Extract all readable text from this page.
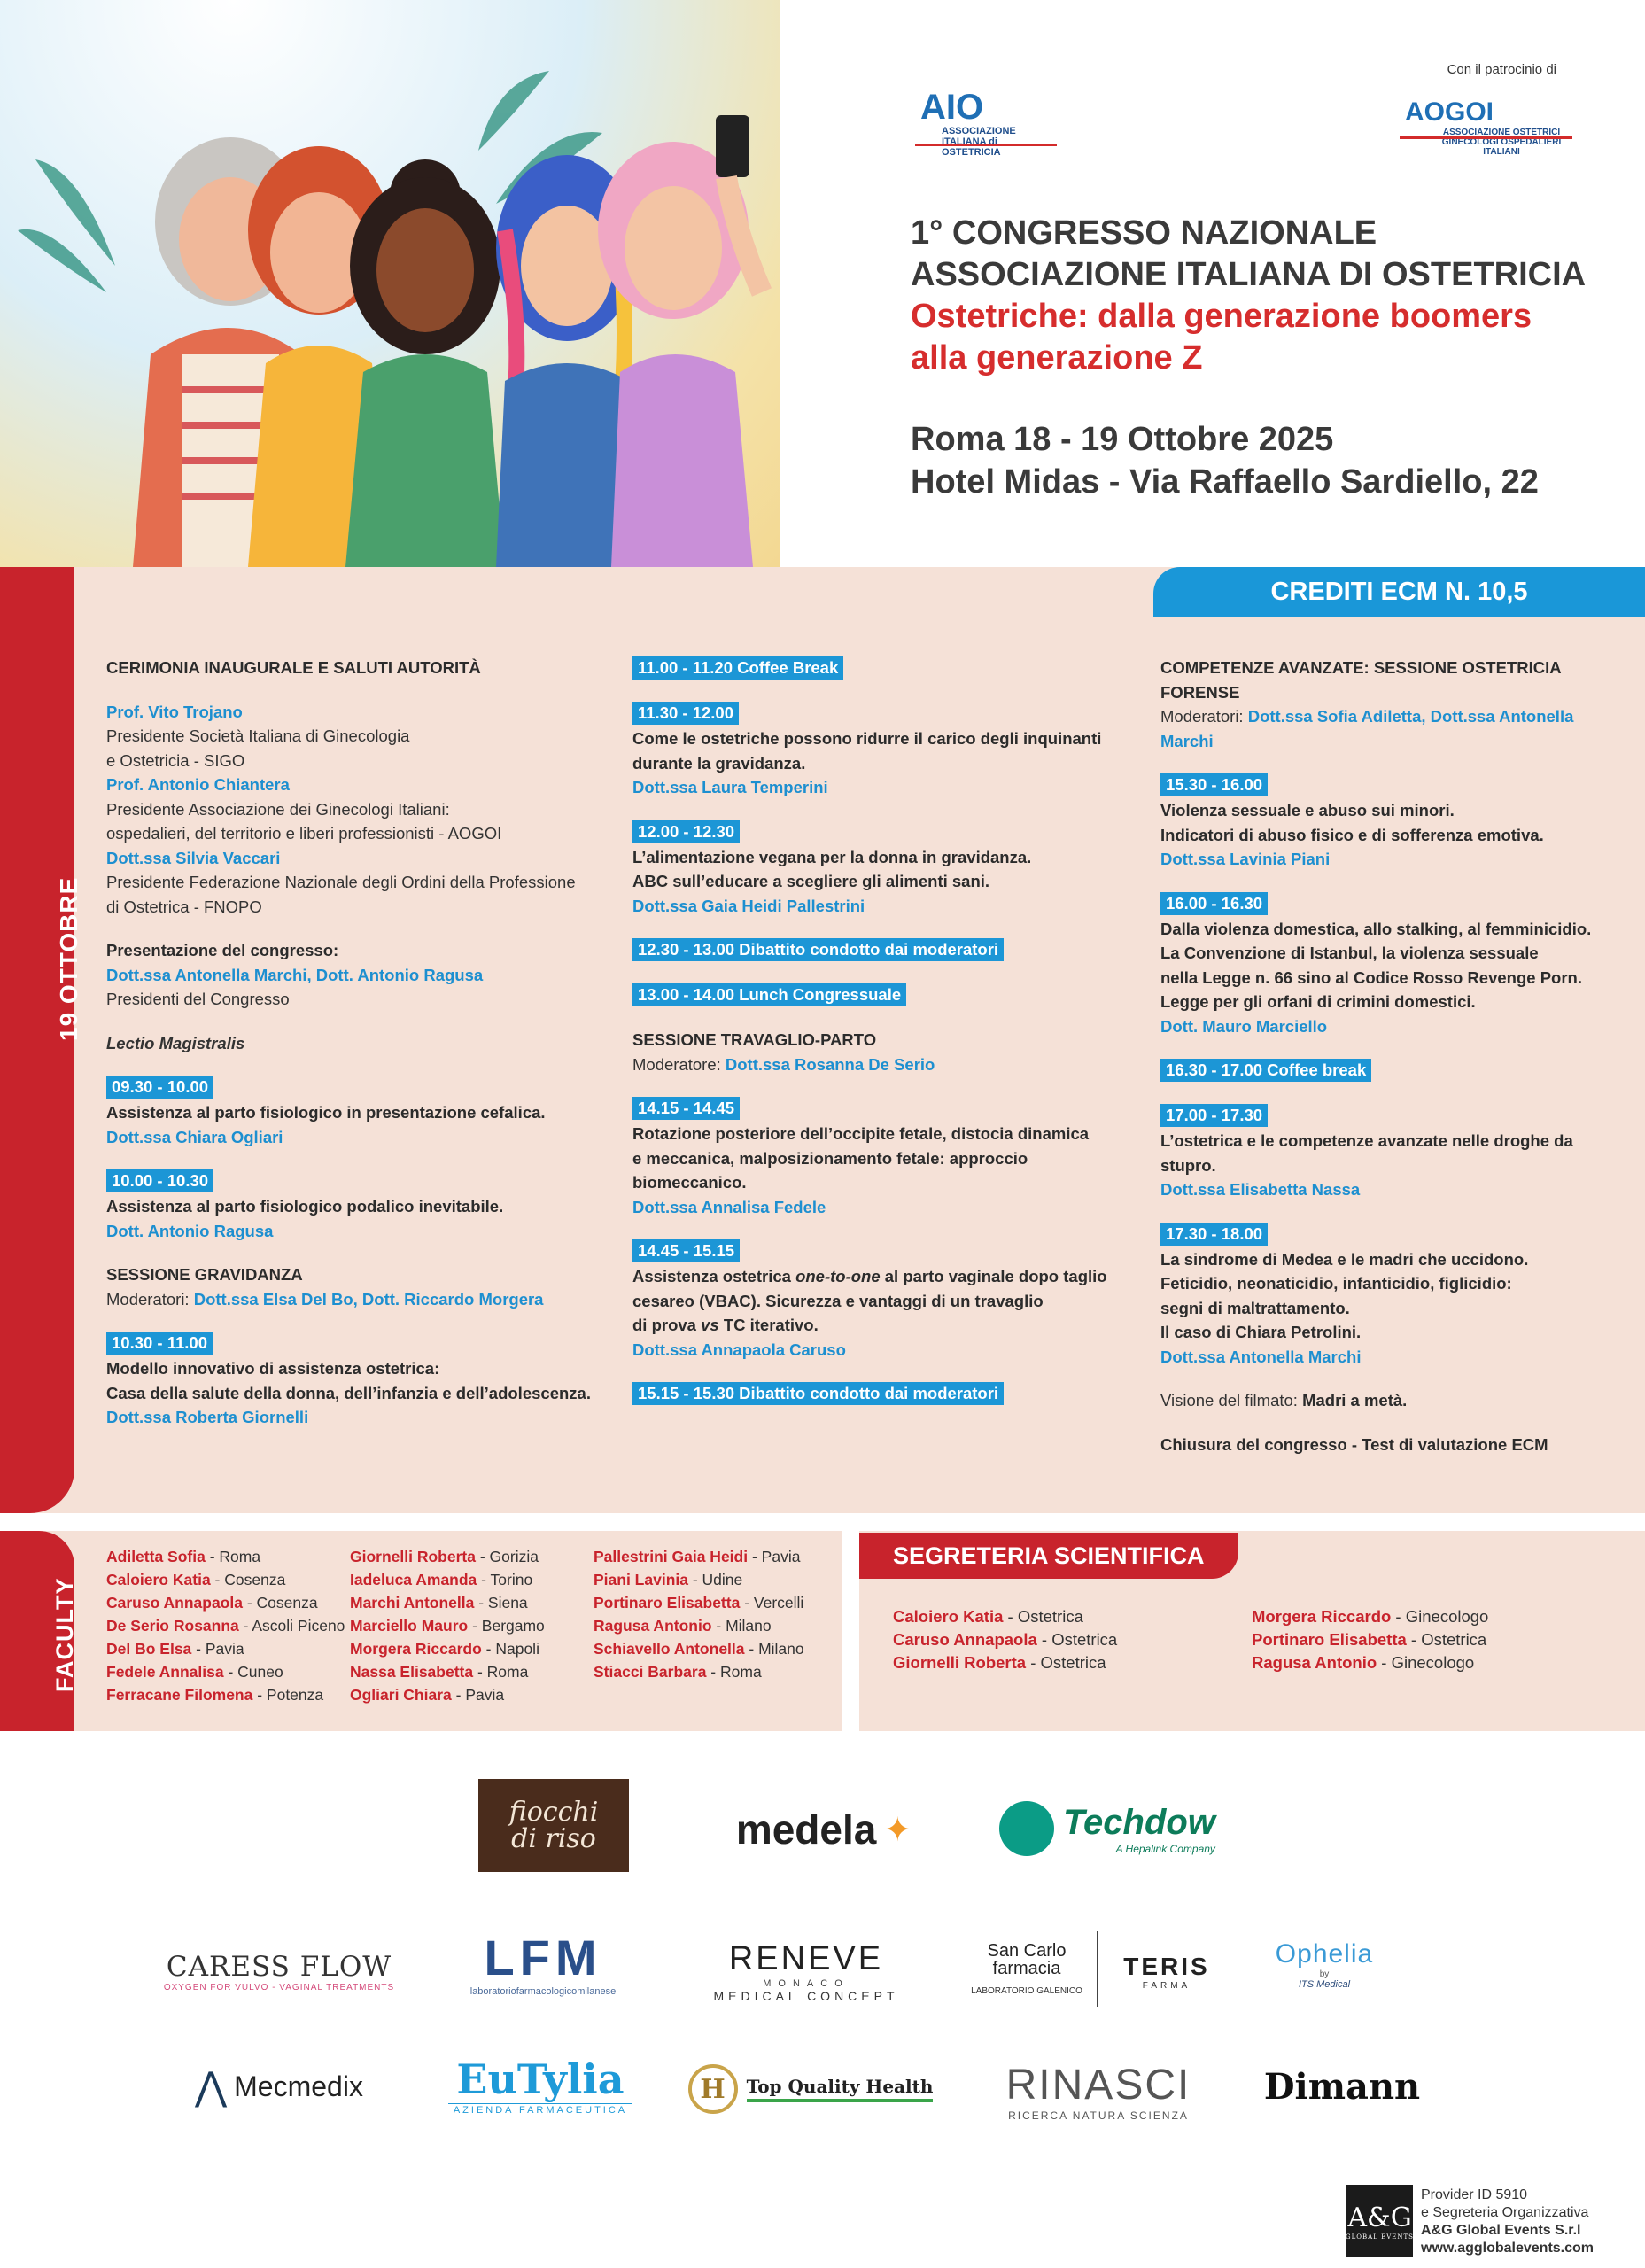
Con il patrocinio di
AIO
ASSOCIAZIONE ITALIANA di OSTETRICIA
AOGOI
ASSOCIAZIONE OSTETRICI GINECOLOGI OSPEDALIERI ITALIANI
1° CONGRESSO NAZIONALE
ASSOCIAZIONE ITALIANA DI OSTETRICIA
Ostetriche: dalla generazione boomers
alla generazione Z
Roma 18 - 19 Ottobre 2025
Hotel Midas - Via Raffaello Sardiello, 22
19 OTTOBRE
CREDITI ECM N. 10,5
CERIMONIA INAUGURALE E SALUTI AUTORITÀ
Prof. Vito Trojano
Presidente Società Italiana di Ginecologia
e Ostetricia - SIGO
Prof. Antonio Chiantera
Presidente Associazione dei Ginecologi Italiani:
ospedalieri, del territorio e liberi professionisti - AOGOI
Dott.ssa Silvia Vaccari
Presidente Federazione Nazionale degli Ordini della Professione
di Ostetrica - FNOPO
Presentazione del congresso:
Dott.ssa Antonella Marchi, Dott. Antonio Ragusa
Presidenti del Congresso
Lectio Magistralis
09.30 - 10.00
Assistenza al parto fisiologico in presentazione cefalica.
Dott.ssa Chiara Ogliari
10.00 - 10.30
Assistenza al parto fisiologico podalico inevitabile.
Dott. Antonio Ragusa
SESSIONE GRAVIDANZA
Moderatori: Dott.ssa Elsa Del Bo, Dott. Riccardo Morgera
10.30 - 11.00
Modello innovativo di assistenza ostetrica:
Casa della salute della donna, dell’infanzia e dell’adolescenza.
Dott.ssa Roberta Giornelli
11.00 - 11.20 Coffee Break
11.30 - 12.00
Come le ostetriche possono ridurre il carico degli inquinanti
durante la gravidanza.
Dott.ssa Laura Temperini
12.00 - 12.30
L’alimentazione vegana per la donna in gravidanza.
ABC sull’educare a scegliere gli alimenti sani.
Dott.ssa Gaia Heidi Pallestrini
12.30 - 13.00 Dibattito condotto dai moderatori
13.00 - 14.00 Lunch Congressuale
SESSIONE TRAVAGLIO-PARTO
Moderatore: Dott.ssa Rosanna De Serio
14.15 - 14.45
Rotazione posteriore dell’occipite fetale, distocia dinamica
e meccanica, malposizionamento fetale: approccio biomeccanico.
Dott.ssa Annalisa Fedele
14.45 - 15.15
Assistenza ostetrica one-to-one al parto vaginale dopo taglio
cesareo (VBAC). Sicurezza e vantaggi di un travaglio
di prova vs TC iterativo.
Dott.ssa Annapaola Caruso
15.15 - 15.30 Dibattito condotto dai moderatori
COMPETENZE AVANZATE: SESSIONE OSTETRICIA FORENSE
Moderatori: Dott.ssa Sofia Adiletta, Dott.ssa Antonella Marchi
15.30 - 16.00
Violenza sessuale e abuso sui minori.
Indicatori di abuso fisico e di sofferenza emotiva.
Dott.ssa Lavinia Piani
16.00 - 16.30
Dalla violenza domestica, allo stalking, al femminicidio.
La Convenzione di Istanbul, la violenza sessuale
nella Legge n. 66 sino al Codice Rosso Revenge Porn.
Legge per gli orfani di crimini domestici.
Dott. Mauro Marciello
16.30 - 17.00 Coffee break
17.00 - 17.30
L’ostetrica e le competenze avanzate nelle droghe da stupro.
Dott.ssa Elisabetta Nassa
17.30 - 18.00
La sindrome di Medea e le madri che uccidono.
Feticidio, neonaticidio, infanticidio, figlicidio:
segni di maltrattamento.
Il caso di Chiara Petrolini.
Dott.ssa Antonella Marchi
Visione del filmato: Madri a metà.
Chiusura del congresso - Test di valutazione ECM
FACULTY
Adiletta Sofia - Roma
Caloiero Katia - Cosenza
Caruso Annapaola - Cosenza
De Serio Rosanna - Ascoli Piceno
Del Bo Elsa - Pavia
Fedele Annalisa - Cuneo
Ferracane Filomena - Potenza
Giornelli Roberta - Gorizia
Iadeluca Amanda - Torino
Marchi Antonella - Siena
Marciello Mauro - Bergamo
Morgera Riccardo - Napoli
Nassa Elisabetta - Roma
Ogliari Chiara - Pavia
Pallestrini Gaia Heidi - Pavia
Piani Lavinia - Udine
Portinaro Elisabetta - Vercelli
Ragusa Antonio - Milano
Schiavello Antonella - Milano
Stiacci Barbara - Roma
SEGRETERIA SCIENTIFICA
Caloiero Katia - Ostetrica
Caruso Annapaola - Ostetrica
Giornelli Roberta - Ostetrica
Morgera Riccardo - Ginecologo
Portinaro Elisabetta - Ostetrica
Ragusa Antonio - Ginecologo
fiocchi
di riso	medela ✦	Techdow
A Hepalink Company
CARESS FLOW
OXYGEN FOR VULVO - VAGINAL TREATMENTS
LFM
laboratoriofarmacologicomilanese
RENEVE
MONACO
MEDICAL CONCEPT
San Carlo
farmacia
LABORATORIO GALENICO
TERIS
FARMA
Ophelia
by
ITS Medical
⋀ Mecmedix EuTylia
AZIENDA FARMACEUTICA
H	Top Quality Health RINASCI
RICERCA NATURA SCIENZA
Dimann
A&G
GLOBAL EVENTS
Provider ID 5910
e Segreteria Organizzativa
A&G Global Events S.r.l
www.agglobalevents.com
